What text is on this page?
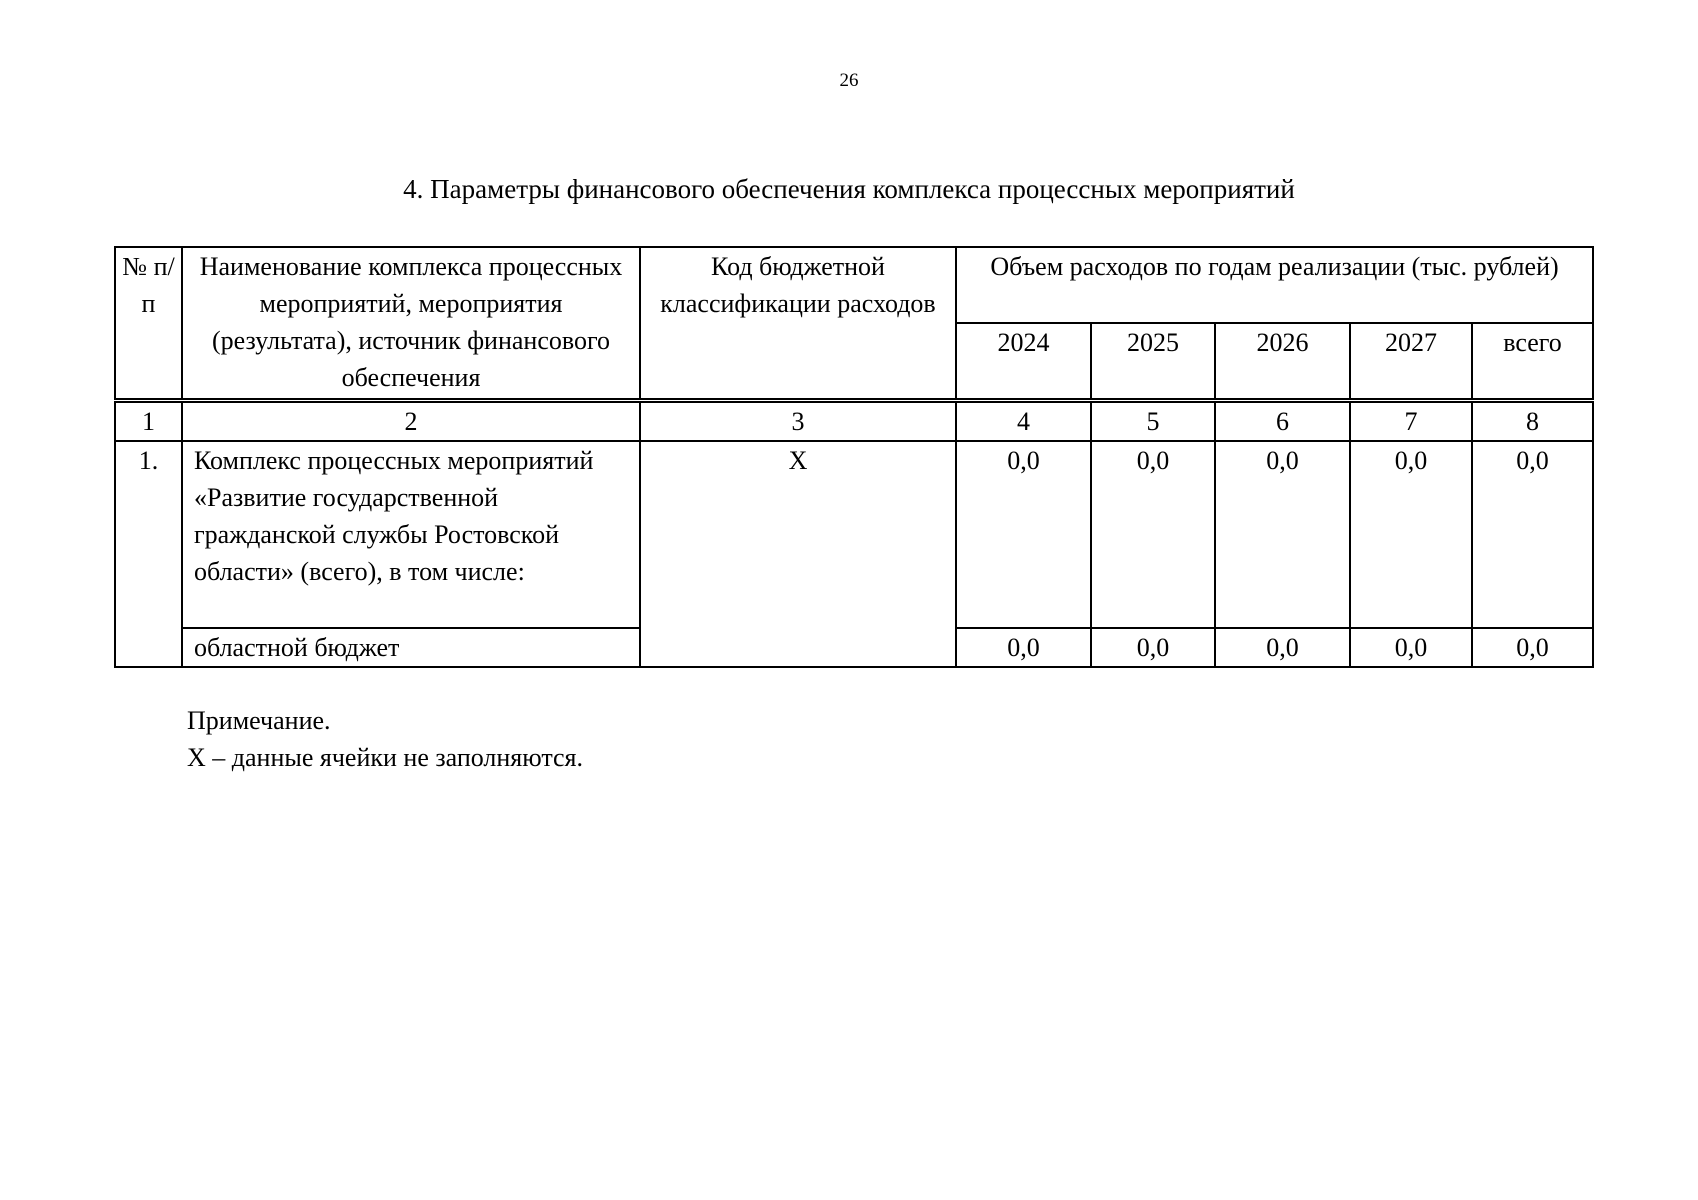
26
4. Параметры финансового обеспечения комплекса процессных мероприятий
№ п/п	Наименование комплекса процессных мероприятий, мероприятия (результата), источник финансового обеспечения	Код бюджетной классификации расходов	Объем расходов по годам реализации (тыс. рублей)				
			2024	2025	2026	2027	всего
1	2	3	4	5	6	7	8
1.	Комплекс процессных мероприятий «Развитие государственной гражданской службы Ростовской области» (всего), в том числе:	Х	0,0	0,0	0,0	0,0	0,0
	областной бюджет		0,0	0,0	0,0	0,0	0,0
Примечание.
Х – данные ячейки не заполняются.
